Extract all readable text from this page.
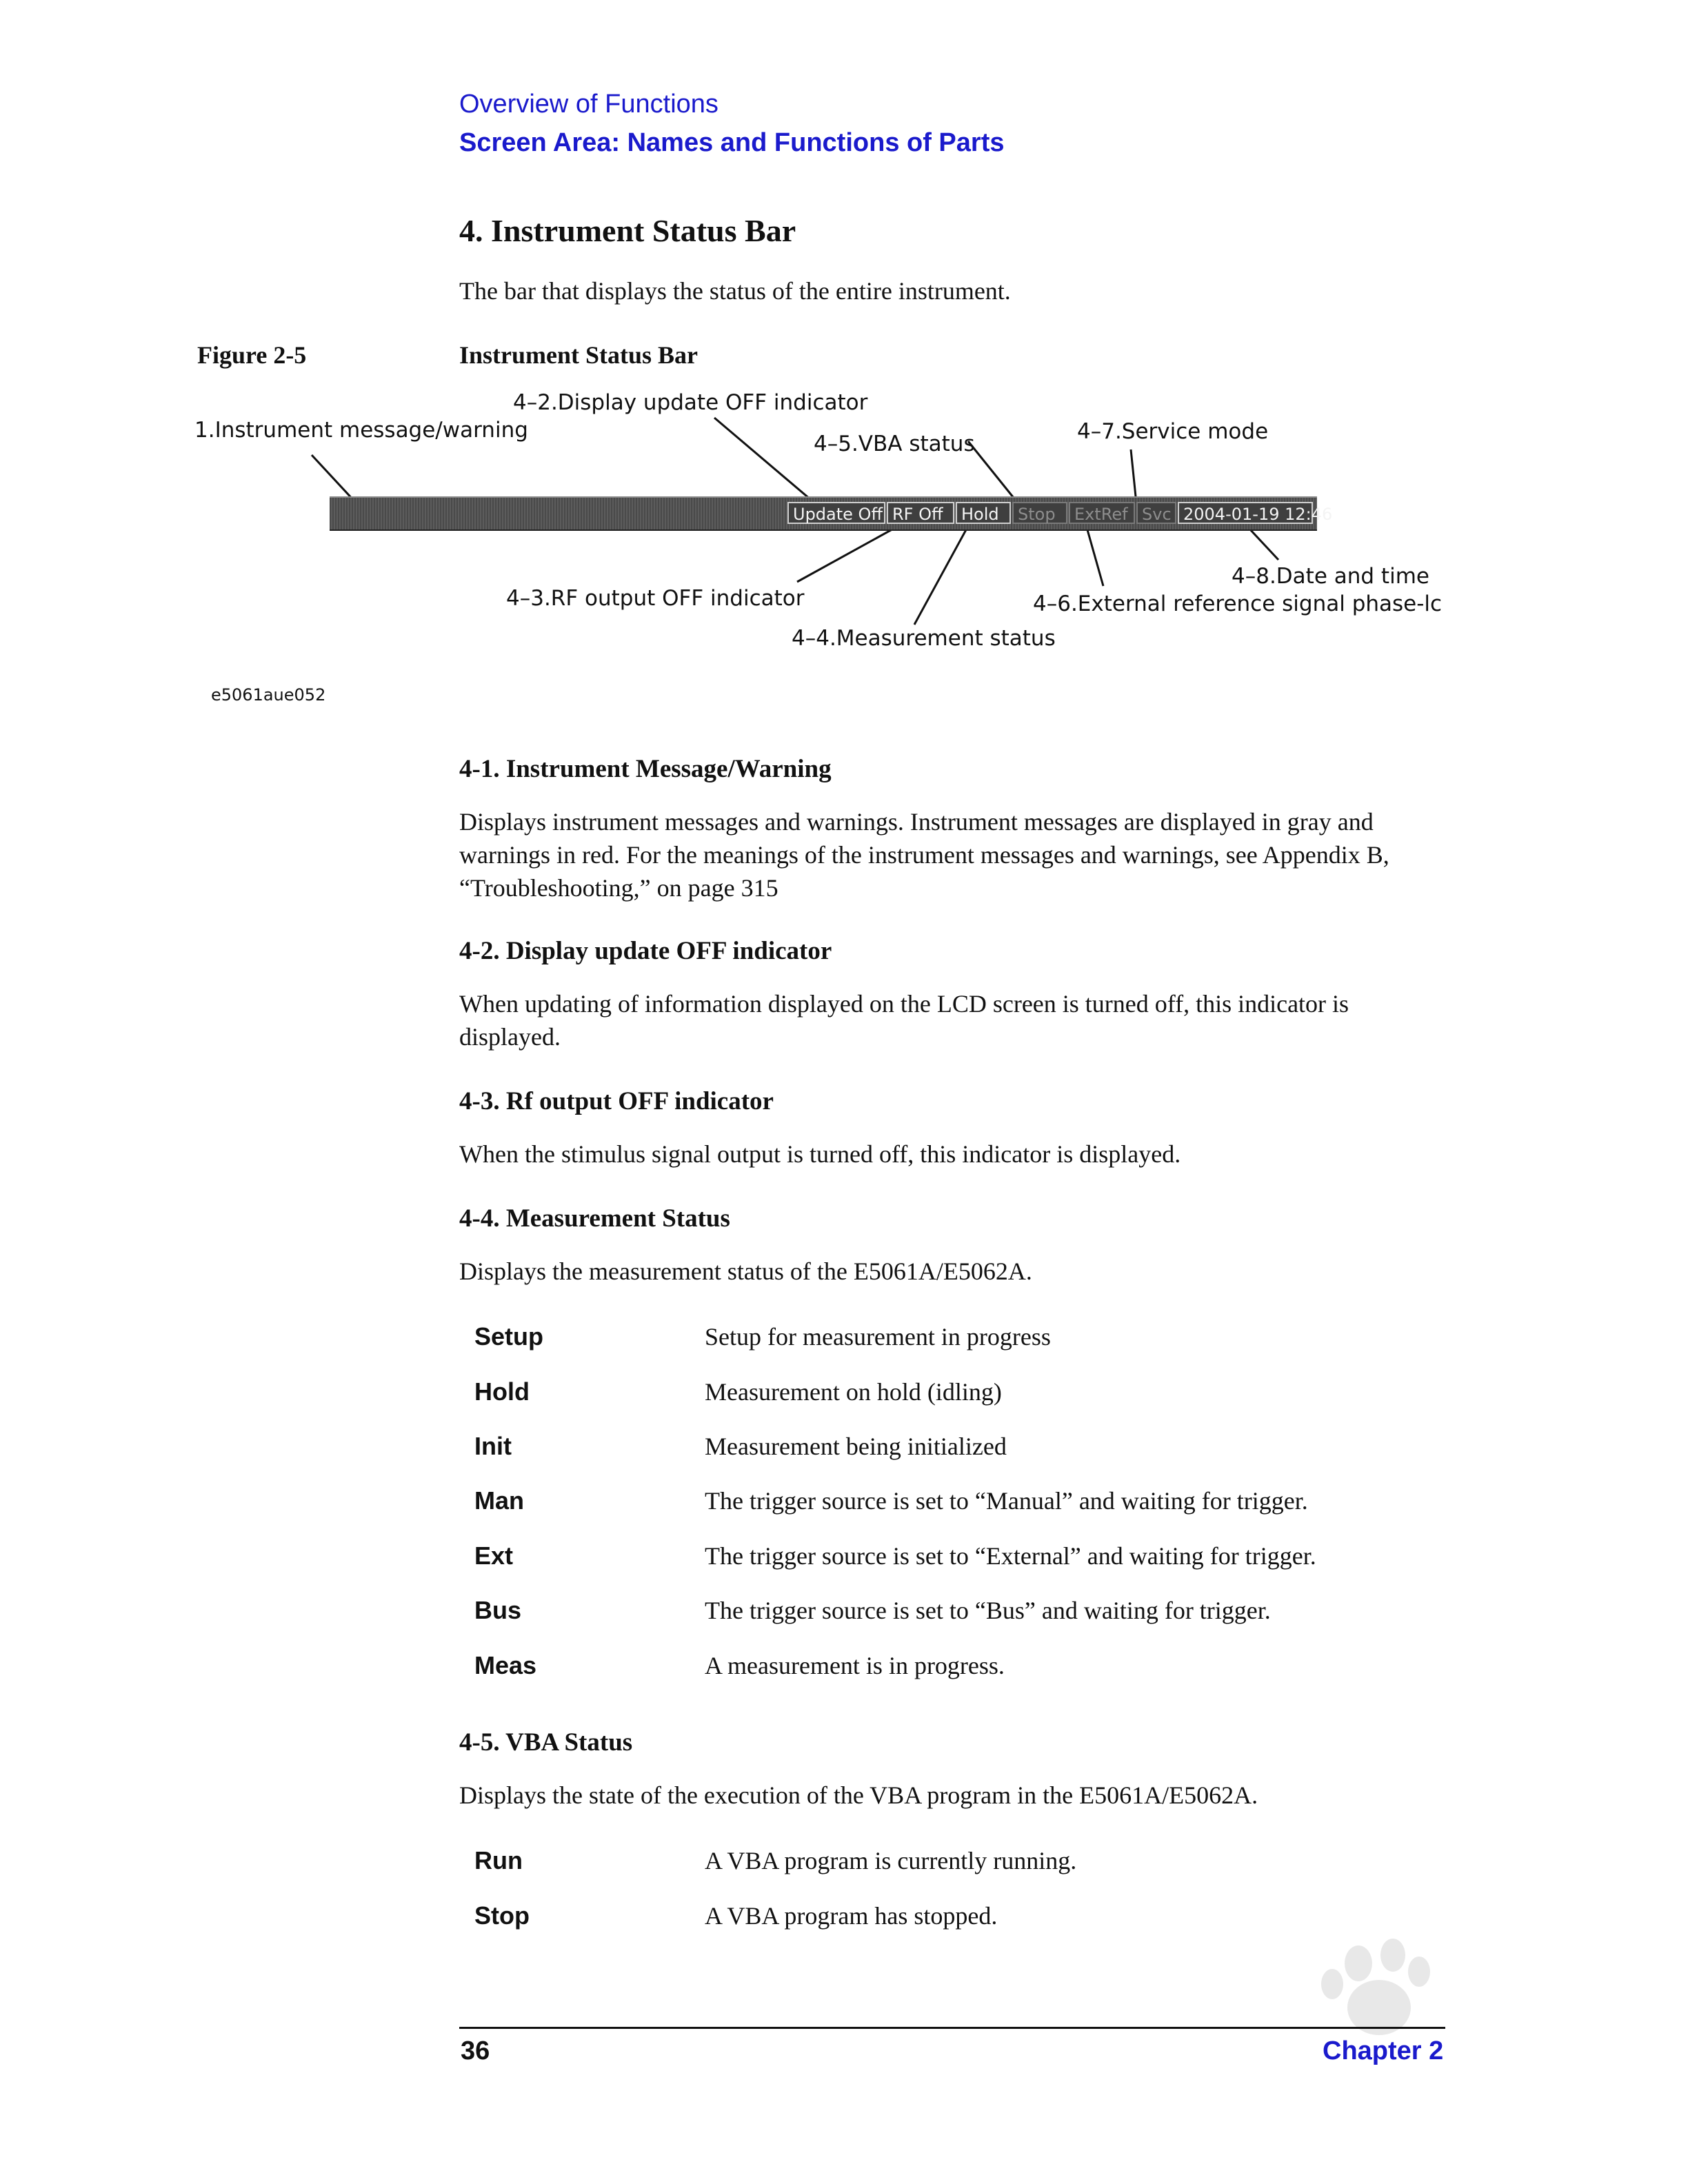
Overview of Functions
Screen Area: Names and Functions of Parts
4. Instrument Status Bar
The bar that displays the status of the entire instrument.
Figure 2-5	Instrument Status Bar
1.Instrument message/warning
4–2.Display update OFF indicator
4–5.VBA status	4–7.Service mode
4–3.RF output OFF indicator
4–4.Measurement status
4–8.Date and time
4–6.External reference signal phase-lc
Update Off RF Off	Hold	Stop	ExtRef Svc 2004-01-19 12:46
e5061aue052
4-1. Instrument Message/Warning
Displays instrument messages and warnings. Instrument messages are displayed in gray and warnings in red. For the meanings of the instrument messages and warnings, see Appendix B, “Troubleshooting,” on page 315
4-2. Display update OFF indicator
When updating of information displayed on the LCD screen is turned off, this indicator is displayed.
4-3. Rf output OFF indicator
When the stimulus signal output is turned off, this indicator is displayed.
4-4. Measurement Status
Displays the measurement status of the E5061A/E5062A.
Setup	Setup for measurement in progress
Hold	Measurement on hold (idling)
Init	Measurement being initialized
Man	The trigger source is set to “Manual” and waiting for trigger.
Ext	The trigger source is set to “External” and waiting for trigger.
Bus	The trigger source is set to “Bus” and waiting for trigger.
Meas	A measurement is in progress.
4-5. VBA Status
Displays the state of the execution of the VBA program in the E5061A/E5062A.
Run	A VBA program is currently running.
Stop	A VBA program has stopped.
36	Chapter 2
